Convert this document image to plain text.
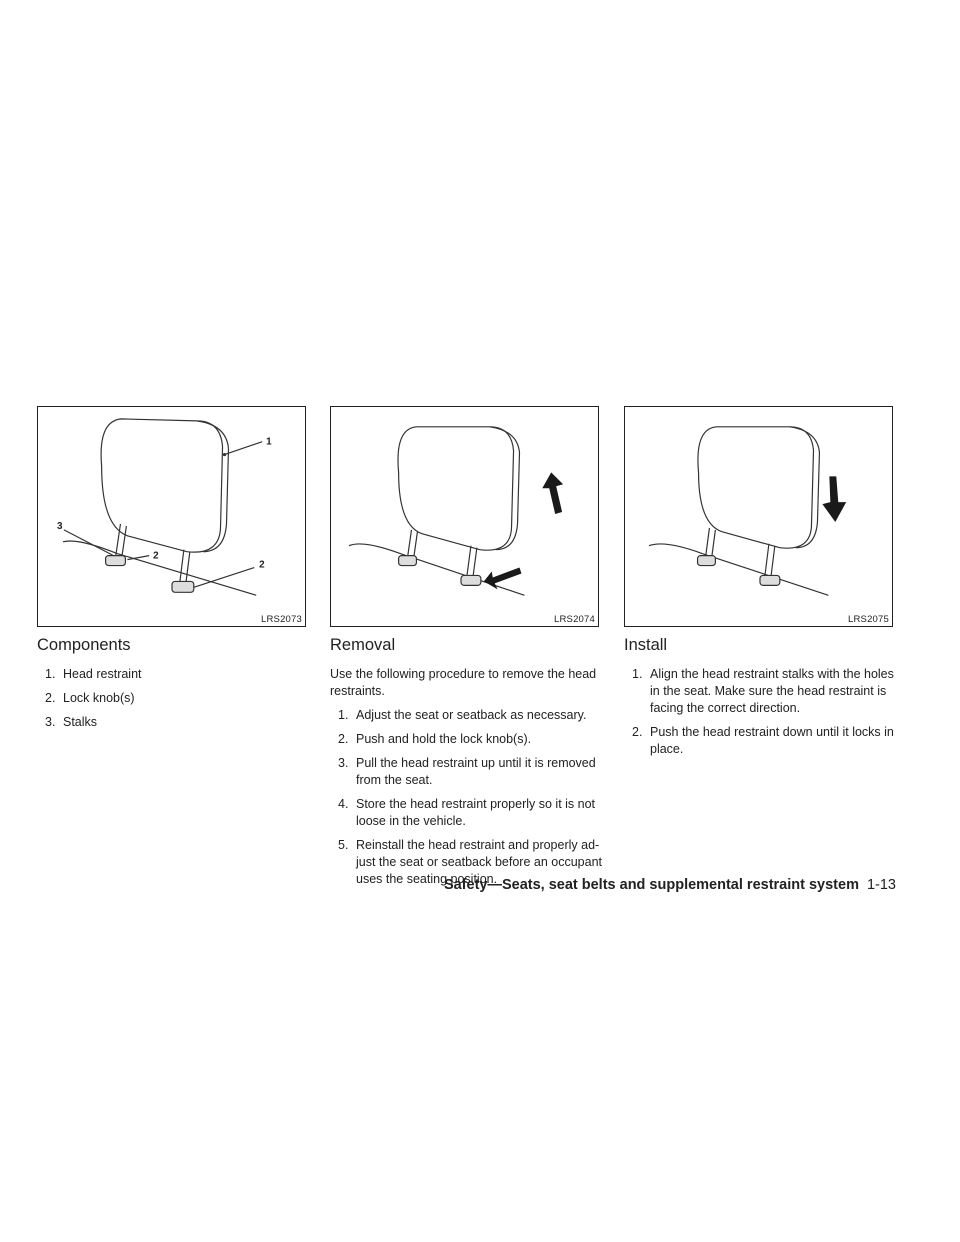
1
2
2
3
LRS2073	LRS2074	LRS2075
Components
1. Head restraint
2. Lock knob(s)
3. Stalks
Removal

Use the following procedure to remove the head restraints.

1. Adjust the seat or seatback as necessary.
2. Push and hold the lock knob(s).
3. Pull the head restraint up until it is removed from the seat.
4. Store the head restraint properly so it is not loose in the vehicle.
5. Reinstall the head restraint and properly ad-just the seat or seatback before an occupant uses the seating position.
Install
1. Align the head restraint stalks with the holes in the seat. Make sure the head restraint is facing the correct direction.
2. Push the head restraint down until it locks in place.
Safety—Seats, seat belts and supplemental restraint system 1-13
